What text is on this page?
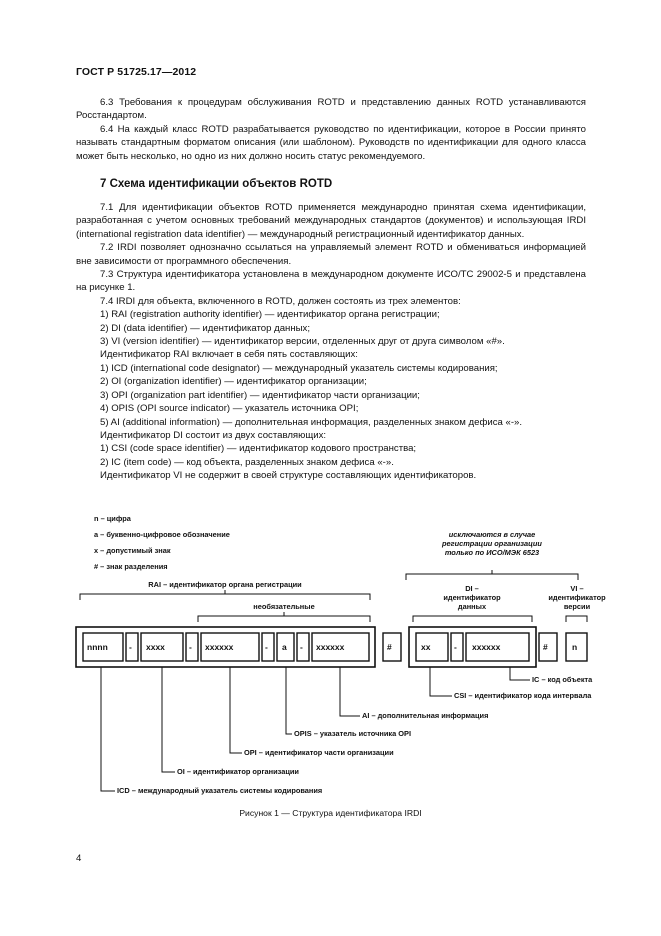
ГОСТ Р 51725.17—2012

6.3 Требования к процедурам обслуживания ROTD и представлению данных ROTD устанавливаются Росстандартом.

6.4 На каждый класс ROTD разрабатывается руководство по идентификации, которое в России принято называть стандартным форматом описания (или шаблоном). Руководств по идентификации для одного класса может быть несколько, но одно из них должно носить статус рекомендуемого.

7 Схема идентификации объектов ROTD

7.1 Для идентификации объектов ROTD применяется международно принятая схема идентификации, разработанная с учетом основных требований международных стандартов (документов) и использующая IRDI (international registration data identifier) — международный регистрационный идентификатор данных.

7.2 IRDI позволяет однозначно ссылаться на управляемый элемент ROTD и обмениваться информацией вне зависимости от программного обеспечения.

7.3 Структура идентификатора установлена в международном документе ИСО/ТС 29002-5 и представлена на рисунке 1.

7.4 IRDI для объекта, включенного в ROTD, должен состоять из трех элементов:

1) RAI (registration authority identifier) — идентификатор органа регистрации;

2) DI (data identifier) — идентификатор данных;

3) VI (version identifier) — идентификатор версии, отделенных друг от друга символом «#».

Идентификатор RAI включает в себя пять составляющих:

1) ICD (international code designator) — международный указатель системы кодирования;

2) OI (organization identifier) — идентификатор организации;

3) OPI (organization part identifier) — идентификатор части организации;

4) OPIS (OPI source indicator) — указатель источника OPI;

5) AI (additional information) — дополнительная информация, разделенных знаком дефиса «-».

Идентификатор DI состоит из двух составляющих:

1) CSI (code space identifier) — идентификатор кодового пространства;

2) IC (item code) — код объекта, разделенных знаком дефиса «-».

Идентификатор VI не содержит в своей структуре составляющих идентификаторов.

n – цифра
a – буквенно-цифровое обозначение
x – допустимый знак
# – знак разделения
исключаются в случае
регистрации организации
только по ИСО/МЭК 6523
RAI – идентификатор органа регистрации
необязательные
DI –
идентификатор
данных
VI –
идентификатор
версии
nnnn - xxxx	- xxxxxx	- a - xxxxxx	#	xx	- xxxxxx	#	n
IC – код объекта
CSI – идентификатор кода интервала
AI – дополнительная информация
OPIS – указатель источника OPI
OPI – идентификатор части организации
OI – идентификатор организации
ICD – международный указатель системы кодирования
Рисунок 1 — Структура идентификатора IRDI
4
